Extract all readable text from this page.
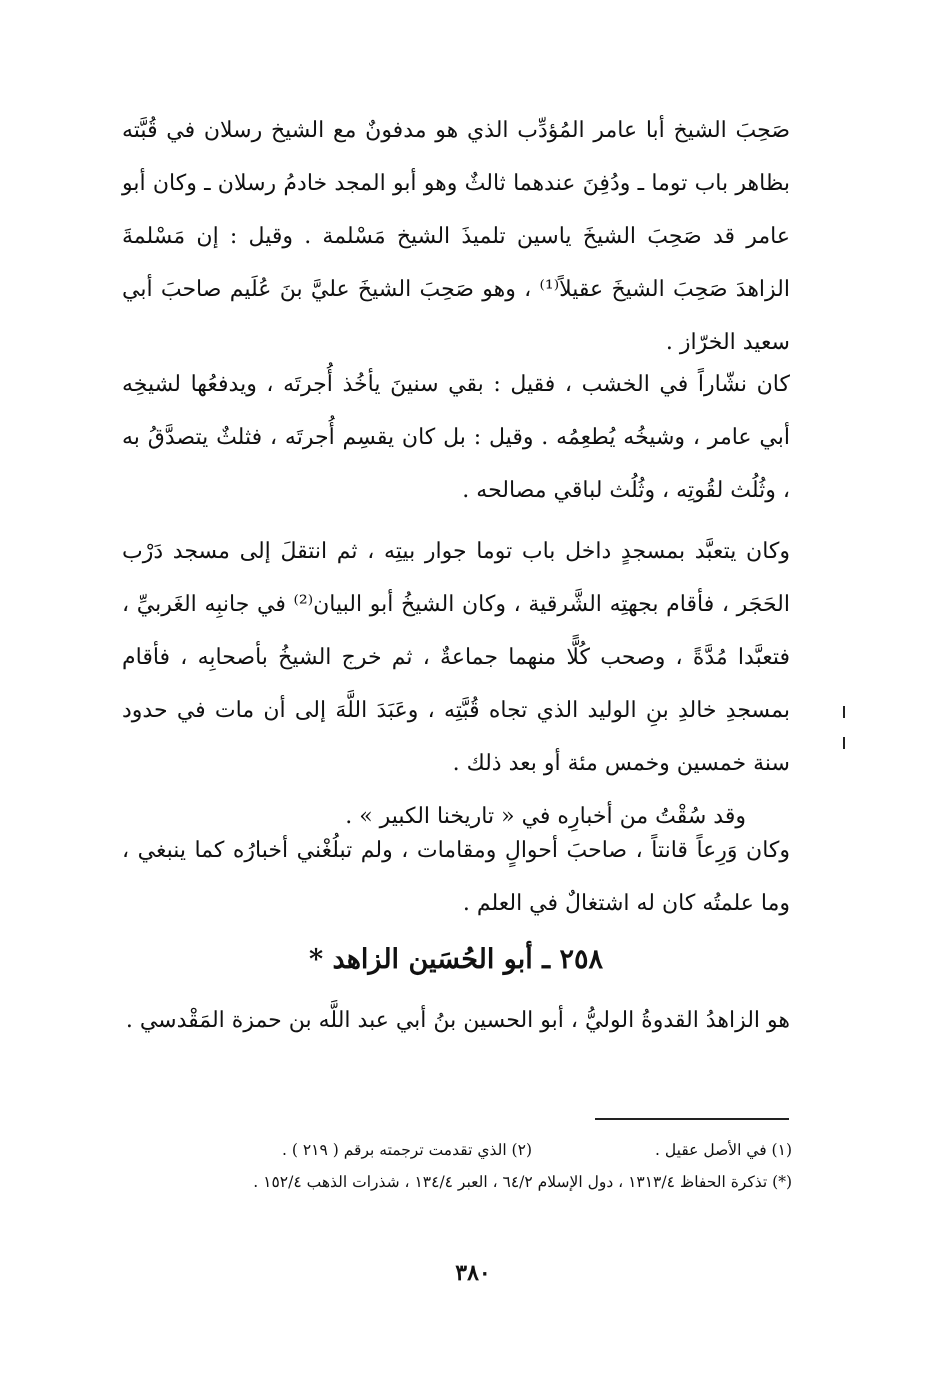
صَحِبَ الشيخ أبا عامر المُؤدِّب الذي هو مدفونٌ مع الشيخ رسلان في قُبَّته بظاهر باب توما ـ ودُفِنَ عندهما ثالثٌ وهو أبو المجد خادمُ رسلان ـ وكان أبو عامر قد صَحِبَ الشيخَ ياسين تلميذَ الشيخ مَسْلمة . وقيل : إن مَسْلمةَ الزاهدَ صَحِبَ الشيخَ عقيلاً⁽¹⁾ ، وهو صَحِبَ الشيخَ عليَّ بنَ عُلَيم صاحبَ أبي سعيد الخرّاز .

كان نشّاراً في الخشب ، فقيل : بقي سنينَ يأخُذ أُجرتَه ، ويدفعُها لشيخِه أبي عامر ، وشيخُه يُطعِمُه . وقيل : بل كان يقسِم أُجرتَه ، فثلثٌ يتصدَّقُ به ، وثُلُث لقُوتِه ، وثُلُث لباقي مصالحه .

وكان يتعبَّد بمسجدٍ داخل باب توما جوار بيتِه ، ثم انتقلَ إلى مسجد دَرْب الحَجَر ، فأقام بجهتِه الشَّرقية ، وكان الشيخُ أبو البيان⁽²⁾ في جانبِه الغَربيِّ ، فتعبَّدا مُدَّةً ، وصحب كُلًّا منهما جماعةٌ ، ثم خرج الشيخُ بأصحابِه ، فأقام بمسجدِ خالدِ بنِ الوليد الذي تجاه قُبَّتِه ، وعَبَدَ اللَّهَ إلى أن مات في حدود سنة خمسين وخمس مئة أو بعد ذلك .

وقد سُقْتُ من أخبارِه في « تاريخنا الكبير » .

وكان وَرِعاً قانتاً ، صاحبَ أحوالٍ ومقامات ، ولم تبلُغْني أخبارُه كما ينبغي ، وما علمتُه كان له اشتغالٌ في العلم .

٢٥٨ ـ أبو الحُسَين الزاهد *

هو الزاهدُ القدوةُ الوليُّ ، أبو الحسين بنُ أبي عبد اللَّه بن حمزة المَقْدسي .

(١) في الأصل عقيل .
(٢) الذي تقدمت ترجمته برقم ( ٢١٩ ) .
(*) تذكرة الحفاظ ١٣١٣/٤ ، دول الإسلام ٦٤/٢ ، العبر ١٣٤/٤ ، شذرات الذهب ١٥٢/٤ .
٣٨٠
